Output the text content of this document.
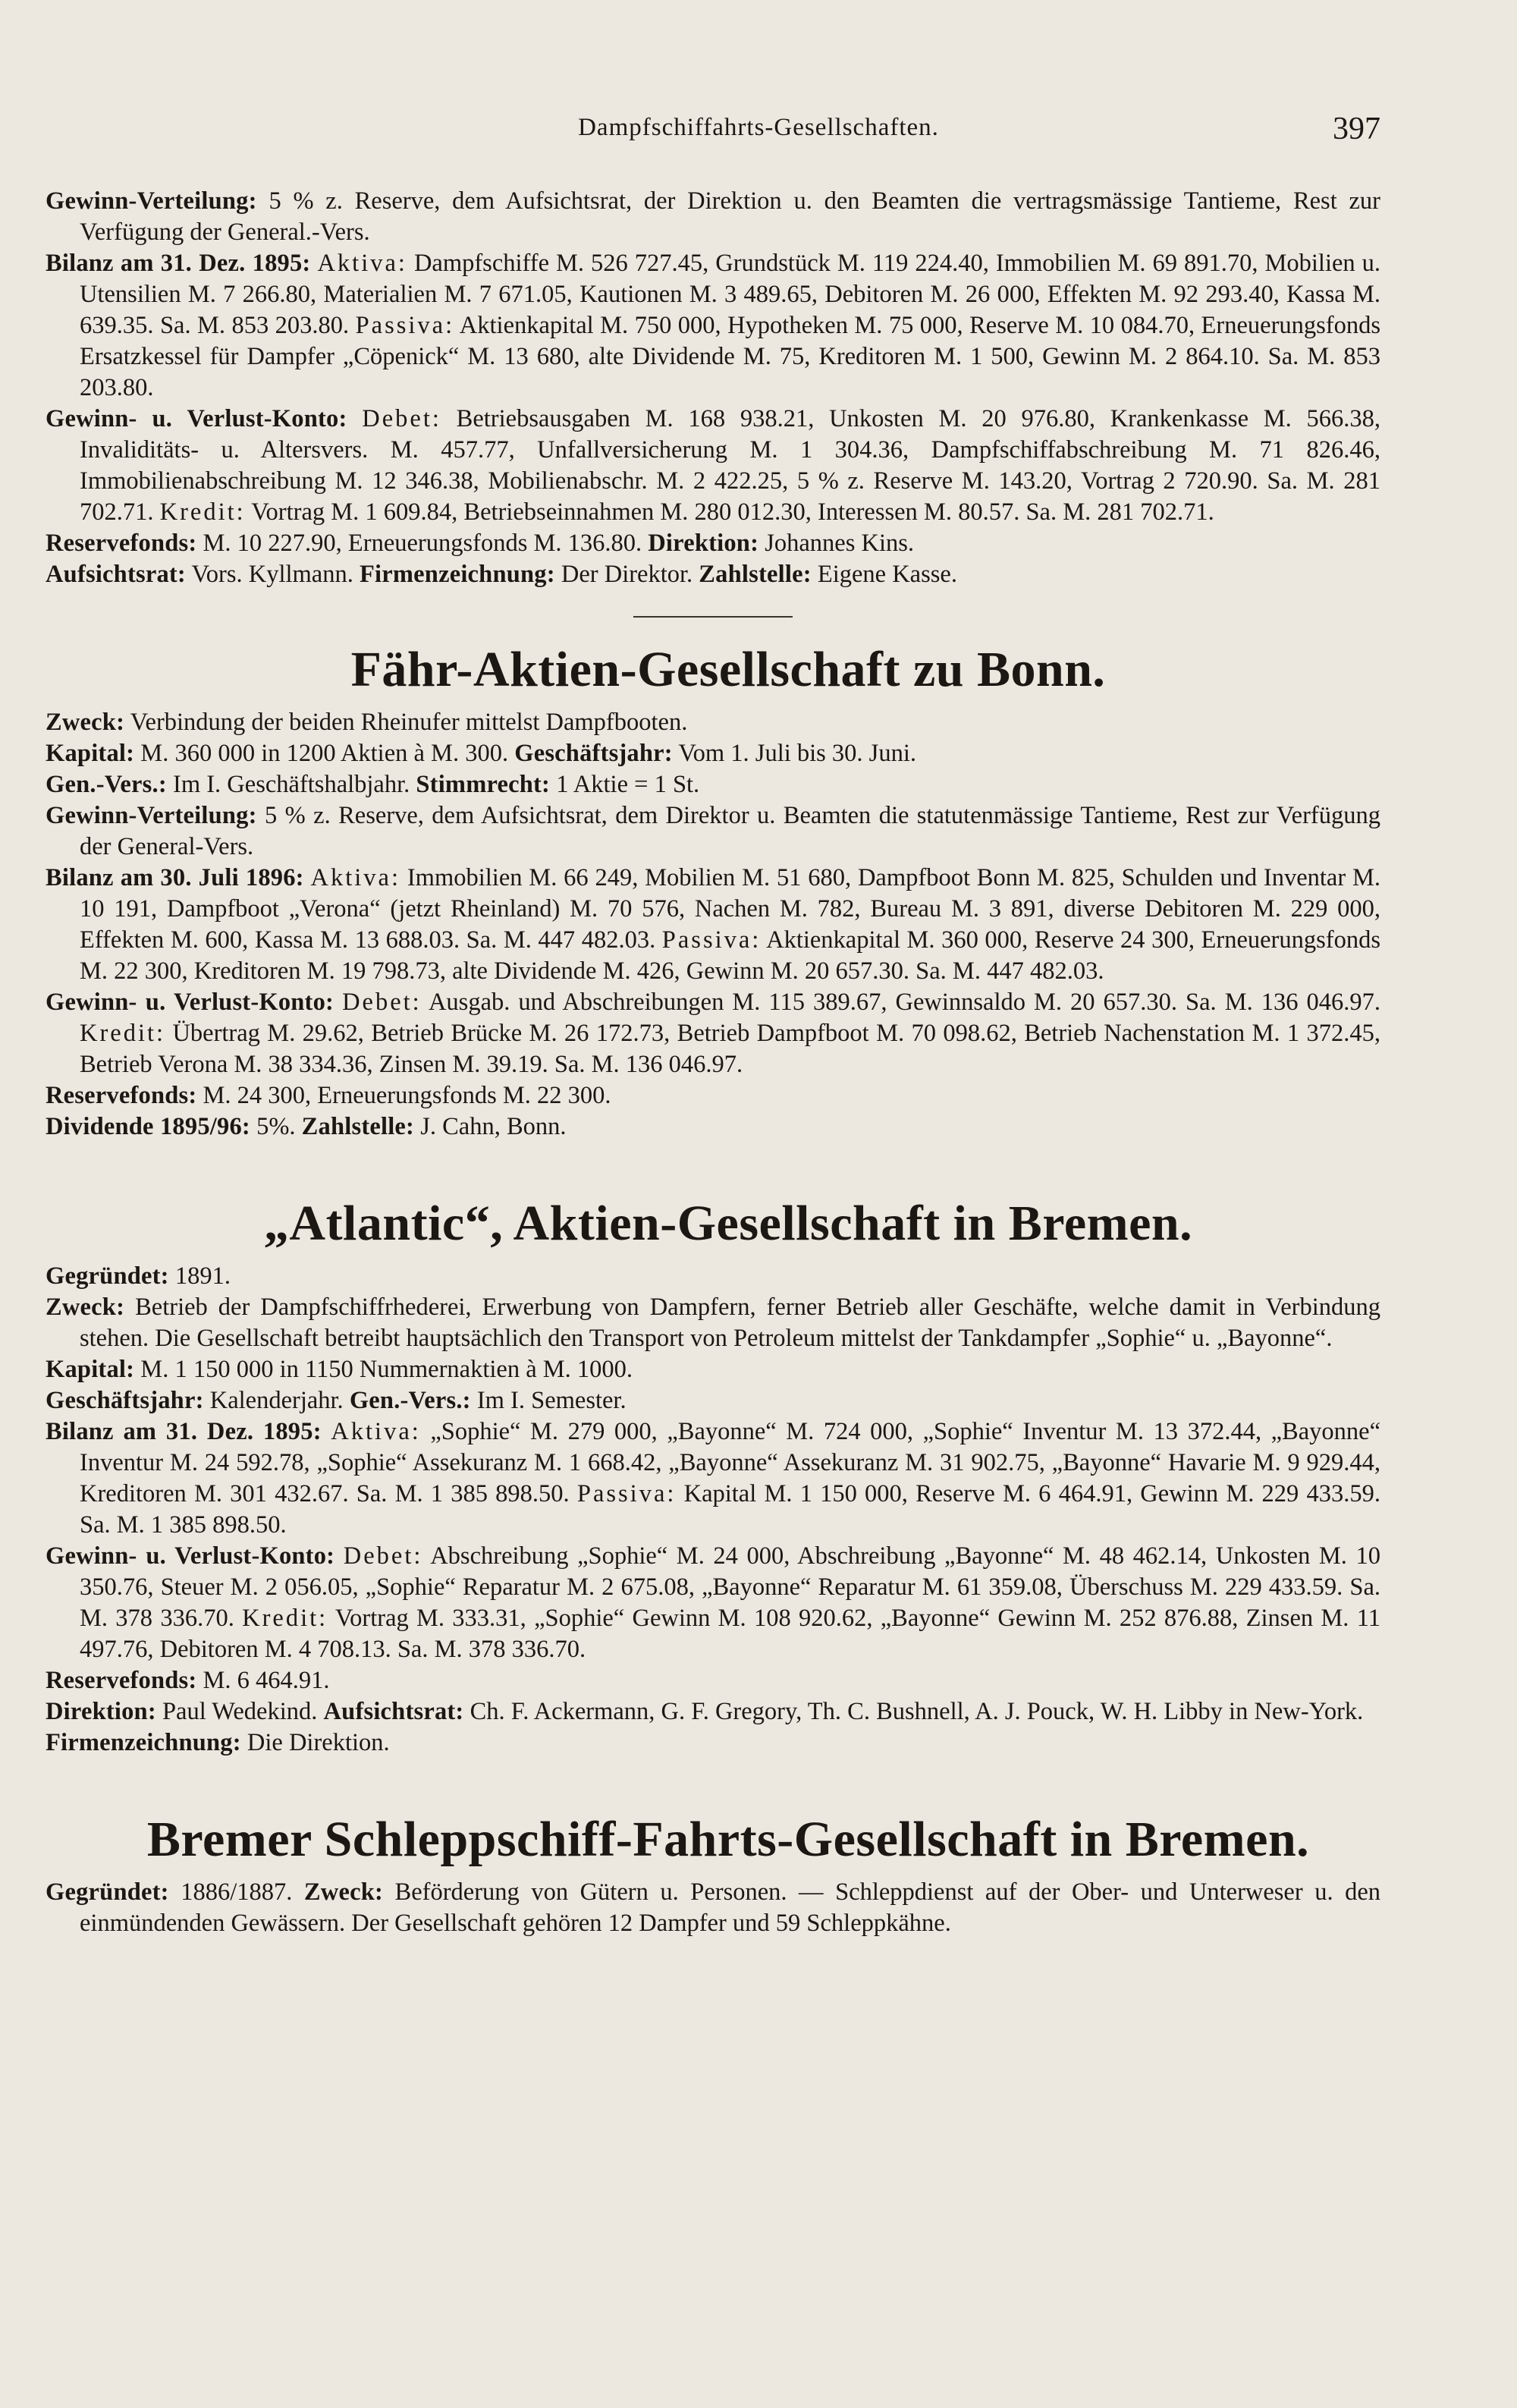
Dampfschiffahrts-Gesellschaften.	397

Gewinn-Verteilung: 5 % z. Reserve, dem Aufsichtsrat, der Direktion u. den Beamten die vertragsmässige Tantieme, Rest zur Verfügung der General.-Vers.

Bilanz am 31. Dez. 1895: Aktiva: Dampfschiffe M. 526 727.45, Grundstück M. 119 224.40, Immobilien M. 69 891.70, Mobilien u. Utensilien M. 7 266.80, Materialien M. 7 671.05, Kautionen M. 3 489.65, Debitoren M. 26 000, Effekten M. 92 293.40, Kassa M. 639.35. Sa. M. 853 203.80. Passiva: Aktienkapital M. 750 000, Hypotheken M. 75 000, Reserve M. 10 084.70, Erneuerungsfonds Ersatzkessel für Dampfer „Cöpenick“ M. 13 680, alte Dividende M. 75, Kreditoren M. 1 500, Gewinn M. 2 864.10. Sa. M. 853 203.80.

Gewinn- u. Verlust-Konto: Debet: Betriebsausgaben M. 168 938.21, Unkosten M. 20 976.80, Krankenkasse M. 566.38, Invaliditäts- u. Altersvers. M. 457.77, Unfallversicherung M. 1 304.36, Dampfschiffabschreibung M. 71 826.46, Immobilienabschreibung M. 12 346.38, Mobilienabschr. M. 2 422.25, 5 % z. Reserve M. 143.20, Vortrag 2 720.90. Sa. M. 281 702.71. Kredit: Vortrag M. 1 609.84, Betriebseinnahmen M. 280 012.30, Interessen M. 80.57. Sa. M. 281 702.71.

Reservefonds: M. 10 227.90, Erneuerungsfonds M. 136.80. Direktion: Johannes Kins.

Aufsichtsrat: Vors. Kyllmann. Firmenzeichnung: Der Direktor. Zahlstelle: Eigene Kasse.

Fähr-Aktien-Gesellschaft zu Bonn.

Zweck: Verbindung der beiden Rheinufer mittelst Dampfbooten.

Kapital: M. 360 000 in 1200 Aktien à M. 300. Geschäftsjahr: Vom 1. Juli bis 30. Juni.

Gen.-Vers.: Im I. Geschäftshalbjahr. Stimmrecht: 1 Aktie = 1 St.

Gewinn-Verteilung: 5 % z. Reserve, dem Aufsichtsrat, dem Direktor u. Beamten die statutenmässige Tantieme, Rest zur Verfügung der General-Vers.

Bilanz am 30. Juli 1896: Aktiva: Immobilien M. 66 249, Mobilien M. 51 680, Dampfboot Bonn M. 825, Schulden und Inventar M. 10 191, Dampfboot „Verona“ (jetzt Rheinland) M. 70 576, Nachen M. 782, Bureau M. 3 891, diverse Debitoren M. 229 000, Effekten M. 600, Kassa M. 13 688.03. Sa. M. 447 482.03. Passiva: Aktienkapital M. 360 000, Reserve 24 300, Erneuerungsfonds M. 22 300, Kreditoren M. 19 798.73, alte Dividende M. 426, Gewinn M. 20 657.30. Sa. M. 447 482.03.

Gewinn- u. Verlust-Konto: Debet: Ausgab. und Abschreibungen M. 115 389.67, Gewinnsaldo M. 20 657.30. Sa. M. 136 046.97. Kredit: Übertrag M. 29.62, Betrieb Brücke M. 26 172.73, Betrieb Dampfboot M. 70 098.62, Betrieb Nachenstation M. 1 372.45, Betrieb Verona M. 38 334.36, Zinsen M. 39.19. Sa. M. 136 046.97.

Reservefonds: M. 24 300, Erneuerungsfonds M. 22 300.

Dividende 1895/96: 5%. Zahlstelle: J. Cahn, Bonn.

„Atlantic“, Aktien-Gesellschaft in Bremen.

Gegründet: 1891.

Zweck: Betrieb der Dampfschiffrhederei, Erwerbung von Dampfern, ferner Betrieb aller Geschäfte, welche damit in Verbindung stehen. Die Gesellschaft betreibt hauptsächlich den Transport von Petroleum mittelst der Tankdampfer „Sophie“ u. „Bayonne“.

Kapital: M. 1 150 000 in 1150 Nummernaktien à M. 1000.

Geschäftsjahr: Kalenderjahr. Gen.-Vers.: Im I. Semester.

Bilanz am 31. Dez. 1895: Aktiva: „Sophie“ M. 279 000, „Bayonne“ M. 724 000, „Sophie“ Inventur M. 13 372.44, „Bayonne“ Inventur M. 24 592.78, „Sophie“ Assekuranz M. 1 668.42, „Bayonne“ Assekuranz M. 31 902.75, „Bayonne“ Havarie M. 9 929.44, Kreditoren M. 301 432.67. Sa. M. 1 385 898.50. Passiva: Kapital M. 1 150 000, Reserve M. 6 464.91, Gewinn M. 229 433.59. Sa. M. 1 385 898.50.

Gewinn- u. Verlust-Konto: Debet: Abschreibung „Sophie“ M. 24 000, Abschreibung „Bayonne“ M. 48 462.14, Unkosten M. 10 350.76, Steuer M. 2 056.05, „Sophie“ Reparatur M. 2 675.08, „Bayonne“ Reparatur M. 61 359.08, Überschuss M. 229 433.59. Sa. M. 378 336.70. Kredit: Vortrag M. 333.31, „Sophie“ Gewinn M. 108 920.62, „Bayonne“ Gewinn M. 252 876.88, Zinsen M. 11 497.76, Debitoren M. 4 708.13. Sa. M. 378 336.70.

Reservefonds: M. 6 464.91.

Direktion: Paul Wedekind. Aufsichtsrat: Ch. F. Ackermann, G. F. Gregory, Th. C. Bushnell, A. J. Pouck, W. H. Libby in New-York.

Firmenzeichnung: Die Direktion.

Bremer Schleppschiff-Fahrts-Gesellschaft in Bremen.

Gegründet: 1886/1887. Zweck: Beförderung von Gütern u. Personen. — Schleppdienst auf der Ober- und Unterweser u. den einmündenden Gewässern. Der Gesellschaft gehören 12 Dampfer und 59 Schleppkähne.
